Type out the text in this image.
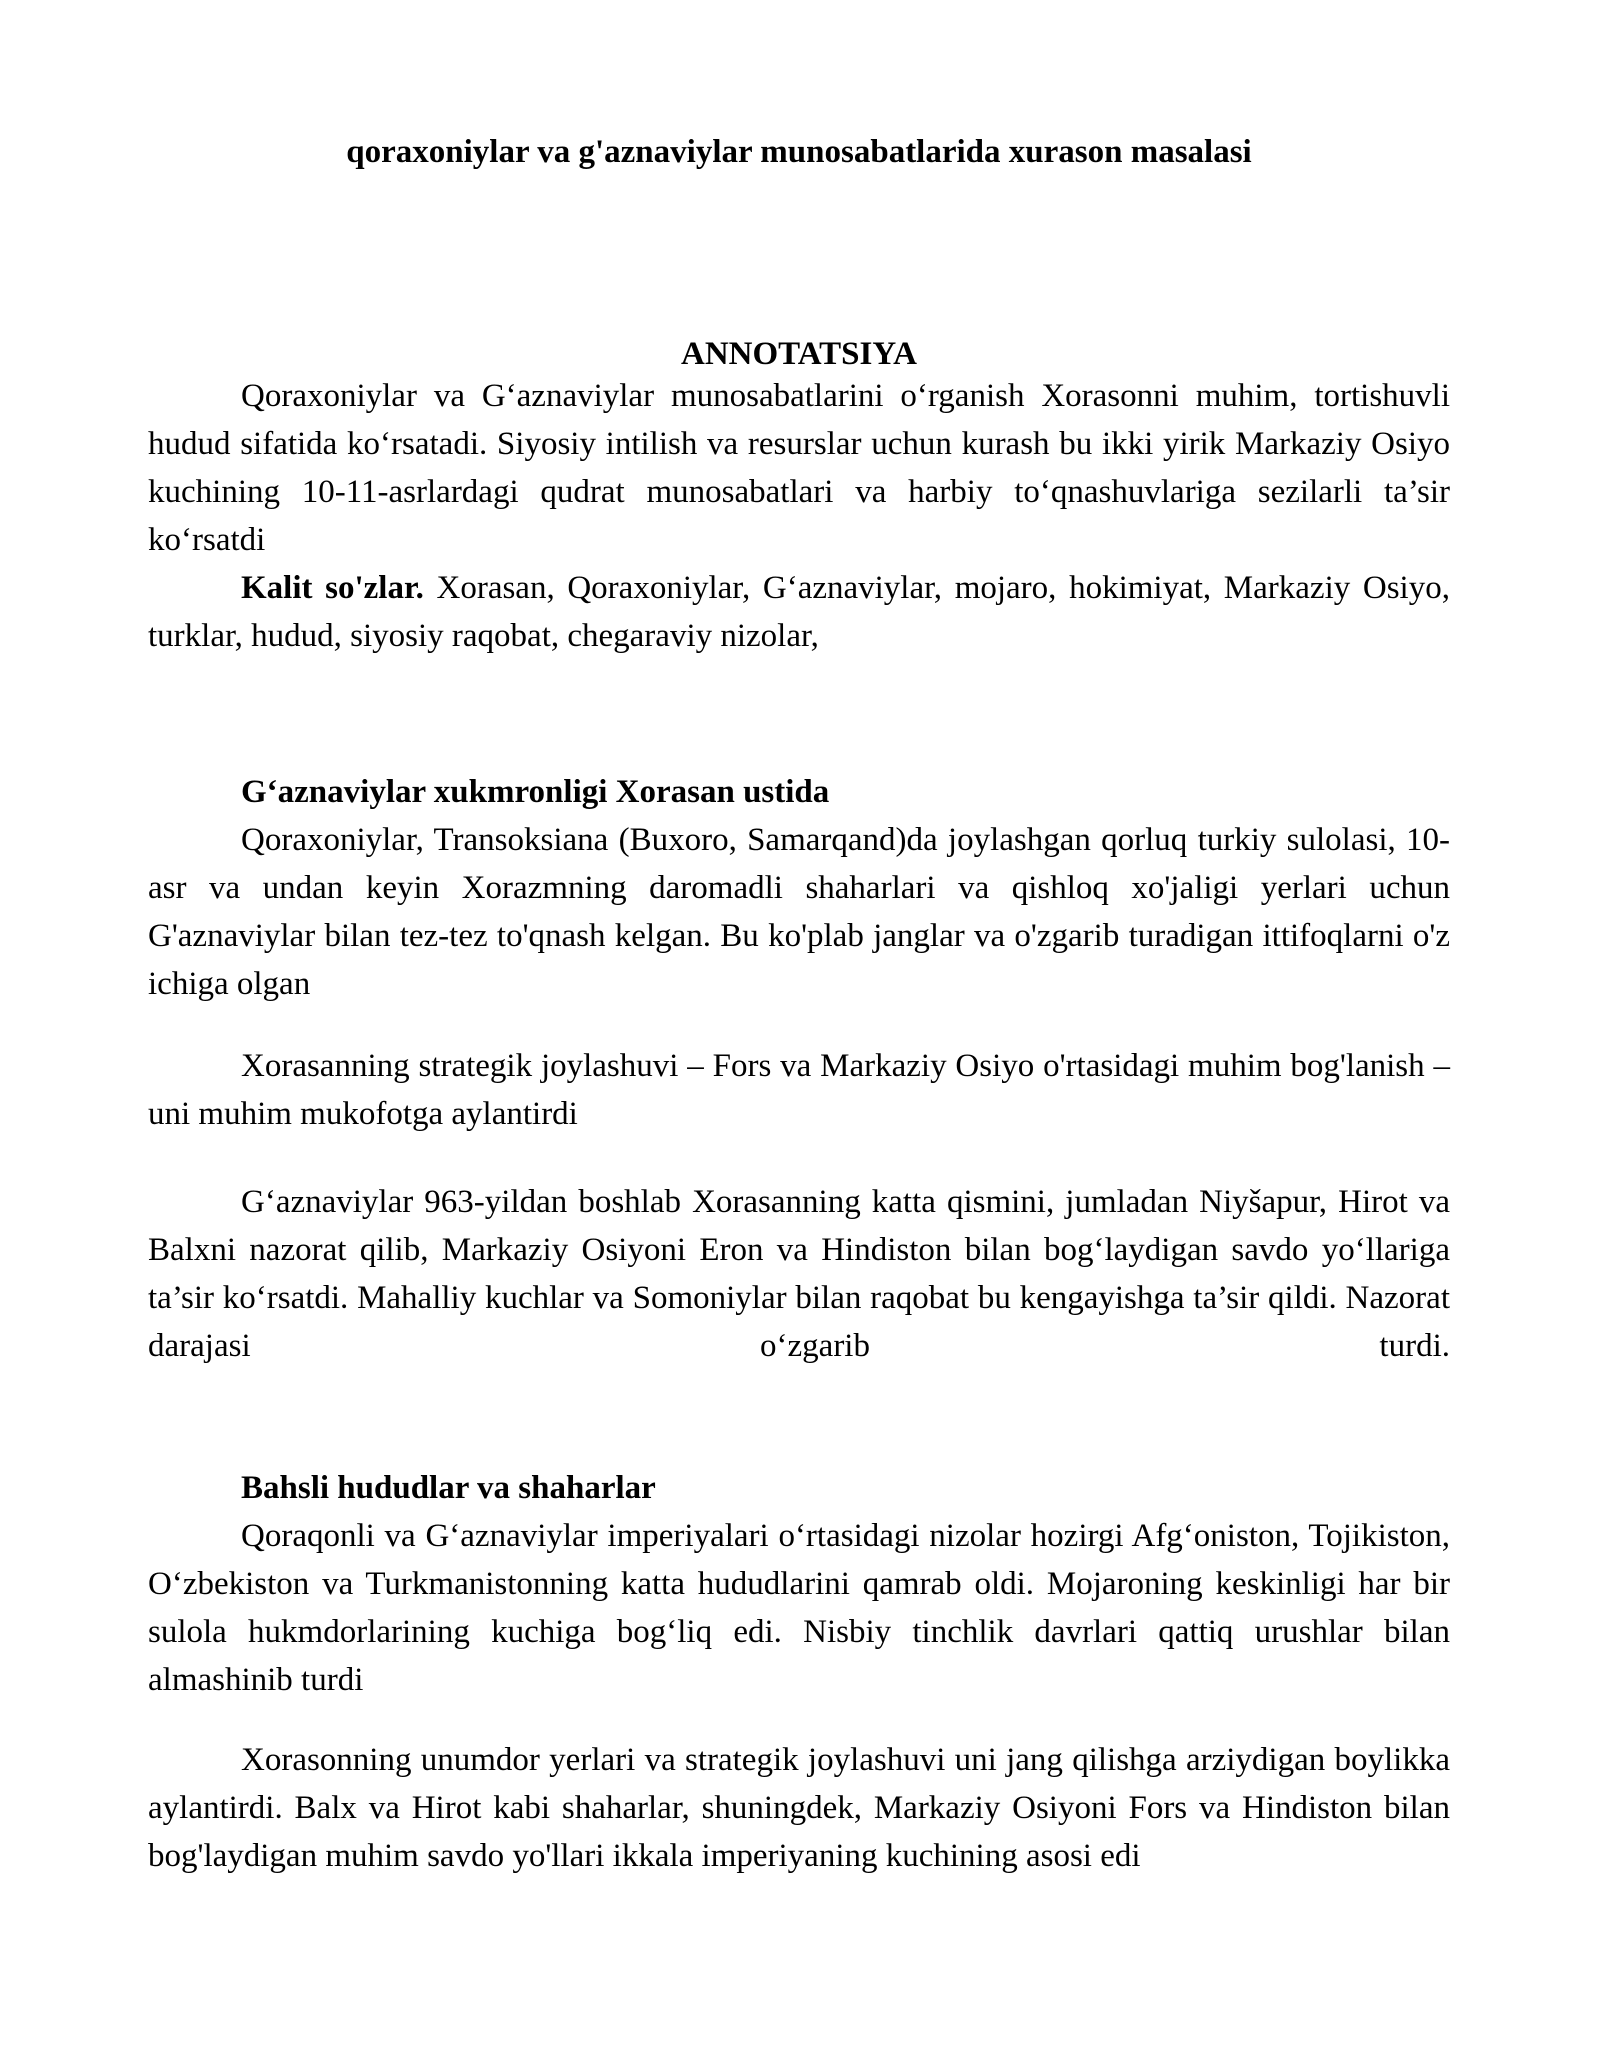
qoraxoniylar va g'aznaviylar munosabatlarida xurason masalasi
ANNOTATSIYA

Qoraxoniylar va G‘aznaviylar munosabatlarini o‘rganish Xorasonni muhim, tortishuvli hudud sifatida ko‘rsatadi. Siyosiy intilish va resurslar uchun kurash bu ikki yirik Markaziy Osiyo kuchining 10-11-asrlardagi qudrat munosabatlari va harbiy to‘qnashuvlariga sezilarli ta’sir ko‘rsatdi

Kalit so'zlar. Xorasan, Qoraxoniylar, G‘aznaviylar, mojaro, hokimiyat, Markaziy Osiyo, turklar, hudud, siyosiy raqobat, chegaraviy nizolar,

G‘aznaviylar xukmronligi Xorasan ustida

Qoraxoniylar, Transoksiana (Buxoro, Samarqand)da joylashgan qorluq turkiy sulolasi, 10-asr va undan keyin Xorazmning daromadli shaharlari va qishloq xo'jaligi yerlari uchun G'aznaviylar bilan tez-tez to'qnash kelgan. Bu ko'plab janglar va o'zgarib turadigan ittifoqlarni o'z ichiga olgan

Xorasanning strategik joylashuvi – Fors va Markaziy Osiyo o'rtasidagi muhim bog'lanish – uni muhim mukofotga aylantirdi

G‘aznaviylar 963-yildan boshlab Xorasanning katta qismini, jumladan Niyšapur, Hirot va Balxni nazorat qilib, Markaziy Osiyoni Eron va Hindiston bilan bog‘laydigan savdo yo‘llariga ta’sir ko‘rsatdi. Mahalliy kuchlar va Somoniylar bilan raqobat bu kengayishga ta’sir qildi. Nazorat darajasi o‘zgarib turdi.

Bahsli hududlar va shaharlar

Qoraqonli va G‘aznaviylar imperiyalari o‘rtasidagi nizolar hozirgi Afg‘oniston, Tojikiston, O‘zbekiston va Turkmanistonning katta hududlarini qamrab oldi. Mojaroning keskinligi har bir sulola hukmdorlarining kuchiga bog‘liq edi. Nisbiy tinchlik davrlari qattiq urushlar bilan almashinib turdi

Xorasonning unumdor yerlari va strategik joylashuvi uni jang qilishga arziydigan boylikka aylantirdi. Balx va Hirot kabi shaharlar, shuningdek, Markaziy Osiyoni Fors va Hindiston bilan bog'laydigan muhim savdo yo'llari ikkala imperiyaning kuchining asosi edi
